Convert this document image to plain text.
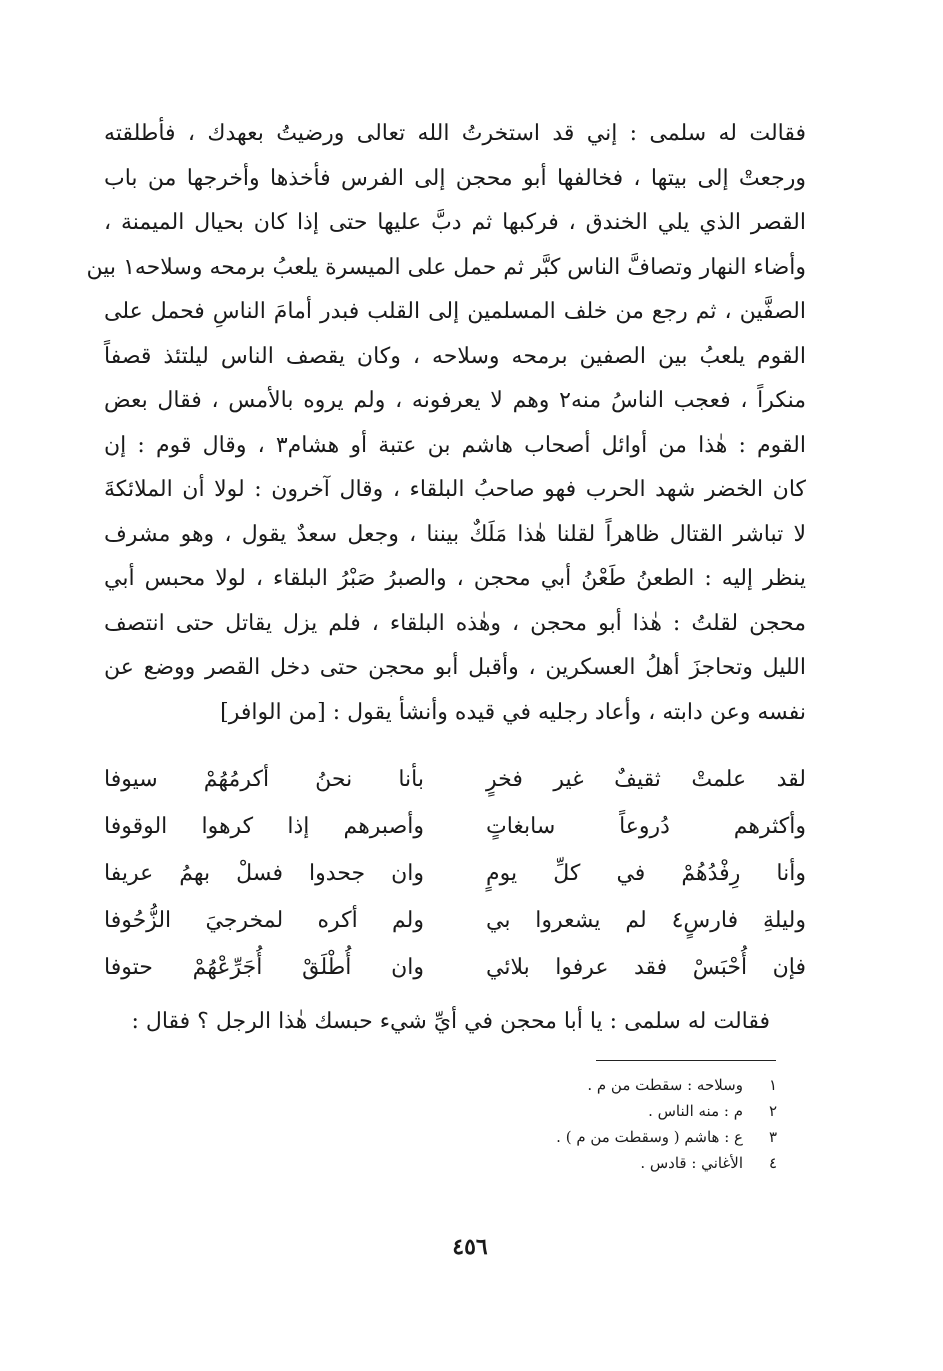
فقالت له سلمى : إني قد استخرتُ الله تعالى ورضيتُ بعهدك ، فأطلقته
ورجعتْ إلى بيتها ، فخالفها أبو محجن إلى الفرس فأخذها وأخرجها من باب
القصر الذي يلي الخندق ، فركبها ثم دبَّ عليها حتى إذا كان بحيال الميمنة ،
وأضاء النهار وتصافَّ الناس كبَّر ثم حمل على الميسرة يلعبُ برمحه وسلاحه١ بين
الصفَّين ، ثم رجع من خلف المسلمين إلى القلب فبدر أمامَ الناسِ فحمل على
القوم يلعبُ بين الصفين برمحه وسلاحه ، وكان يقصف الناس ليلتئذ قصفاً
منكراً ، فعجب الناسُ منه٢ وهم لا يعرفونه ، ولم يروه بالأمس ، فقال بعض
القوم : هٰذا من أوائل أصحاب هاشم بن عتبة أو هشام٣ ، وقال قوم : إن
كان الخضر شهد الحرب فهو صاحبُ البلقاء ، وقال آخرون : لولا أن الملائكةَ
لا تباشر القتال ظاهراً لقلنا هٰذا مَلَكٌ بيننا ، وجعل سعدٌ يقول ، وهو مشرف
ينظر إليه : الطعنُ طَعْنُ أبي محجن ، والصبرُ صَبْرُ البلقاء ، لولا محبس أبي
محجن لقلتُ : هٰذا أبو محجن ، وهٰذه البلقاء ، فلم يزل يقاتل حتى انتصف
الليل وتحاجزَ أهلُ العسكرين ، وأقبل أبو محجن حتى دخل القصر ووضع عن
نفسه وعن دابته ، وأعاد رجليه في قيده وأنشأ يقول : [من الوافر]
لقد علمتْ ثقيفٌ غير فخرٍ
بأنا نحنُ أكرمُهُمْ سيوفا
وأكثرهم دُروعاً سابغاتٍ
وأصبرهم إذا كرهوا الوقوفا
وأنا رِفْدُهُمْ في كلِّ يومٍ
وان جحدوا فسلْ بهمُ عريفا
وليلةِ فارسٍ٤ لم يشعروا بي
ولم أكره لمخرجيَ الزُّحُوفا
فإن أُحْبَسْ فقد عرفوا بلائي
وان أُطْلَقْ أُجَرِّعْهُمْ حتوفا
فقالت له سلمى : يا أبا محجن في أيِّ شيء حبسك هٰذا الرجل ؟ فقال :
١
وسلاحه : سقطت من م .
٢
م : منه الناس .
٣
ع : هاشم ( وسقطت من م ) .
٤
الأغاني : قادس .
٤٥٦
